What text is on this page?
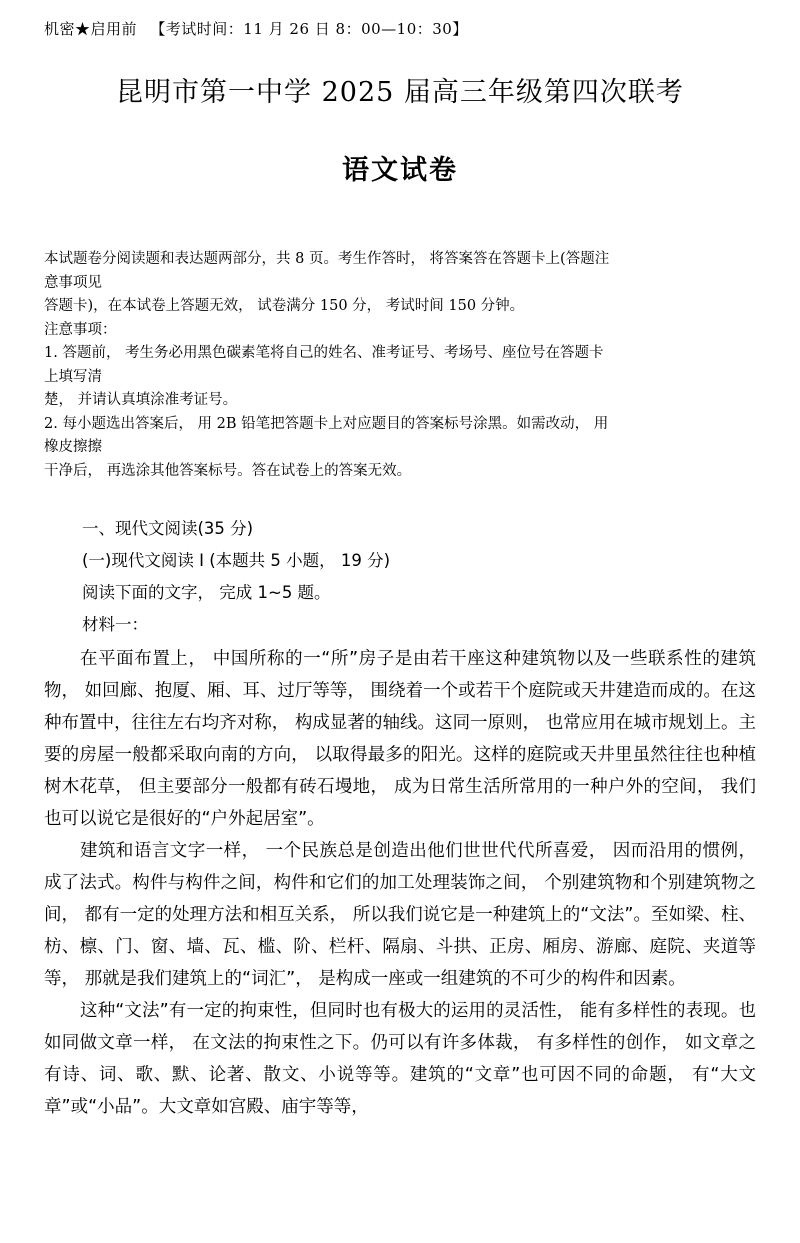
机密★启用前 【考试时间：11 月 26 日 8：00—10：30】
昆明市第一中学 2025 届高三年级第四次联考
语文试卷
本试题卷分阅读题和表达题两部分，共 8 页。考生作答时， 将答案答在答题卡上(答题注
意事项见
答题卡)，在本试卷上答题无效， 试卷满分 150 分， 考试时间 150 分钟。
注意事项：
1. 答题前， 考生务必用黑色碳素笔将自己的姓名、准考证号、考场号、座位号在答题卡
上填写清
楚， 并请认真填涂准考证号。
2. 每小题选出答案后， 用 2B 铅笔把答题卡上对应题目的答案标号涂黑。如需改动， 用
橡皮擦擦
干净后， 再选涂其他答案标号。答在试卷上的答案无效。
一、现代文阅读(35 分)
(一)现代文阅读 I (本题共 5 小题， 19 分)
阅读下面的文字， 完成 1~5 题。
材料一：

在平面布置上， 中国所称的一“所”房子是由若干座这种建筑物以及一些联系性的建筑物， 如回廊、抱厦、厢、耳、过厅等等， 围绕着一个或若干个庭院或天井建造而成的。在这种布置中，往往左右均齐对称， 构成显著的轴线。这同一原则， 也常应用在城市规划上。主要的房屋一般都采取向南的方向， 以取得最多的阳光。这样的庭院或天井里虽然往往也种植树木花草， 但主要部分一般都有砖石墁地， 成为日常生活所常用的一种户外的空间， 我们也可以说它是很好的“户外起居室”。

建筑和语言文字一样， 一个民族总是创造出他们世世代代所喜爱， 因而沿用的惯例， 成了法式。构件与构件之间，构件和它们的加工处理装饰之间， 个别建筑物和个别建筑物之间， 都有一定的处理方法和相互关系， 所以我们说它是一种建筑上的“文法”。至如梁、柱、枋、檩、门、窗、墙、瓦、槛、阶、栏杆、隔扇、斗拱、正房、厢房、游廊、庭院、夹道等等， 那就是我们建筑上的“词汇”， 是构成一座或一组建筑的不可少的构件和因素。

这种“文法”有一定的拘束性，但同时也有极大的运用的灵活性， 能有多样性的表现。也如同做文章一样， 在文法的拘束性之下。仍可以有许多体裁， 有多样性的创作， 如文章之有诗、词、歌、默、论著、散文、小说等等。建筑的“文章”也可因不同的命题， 有“大文章”或“小品”。大文章如宫殿、庙宇等等，
